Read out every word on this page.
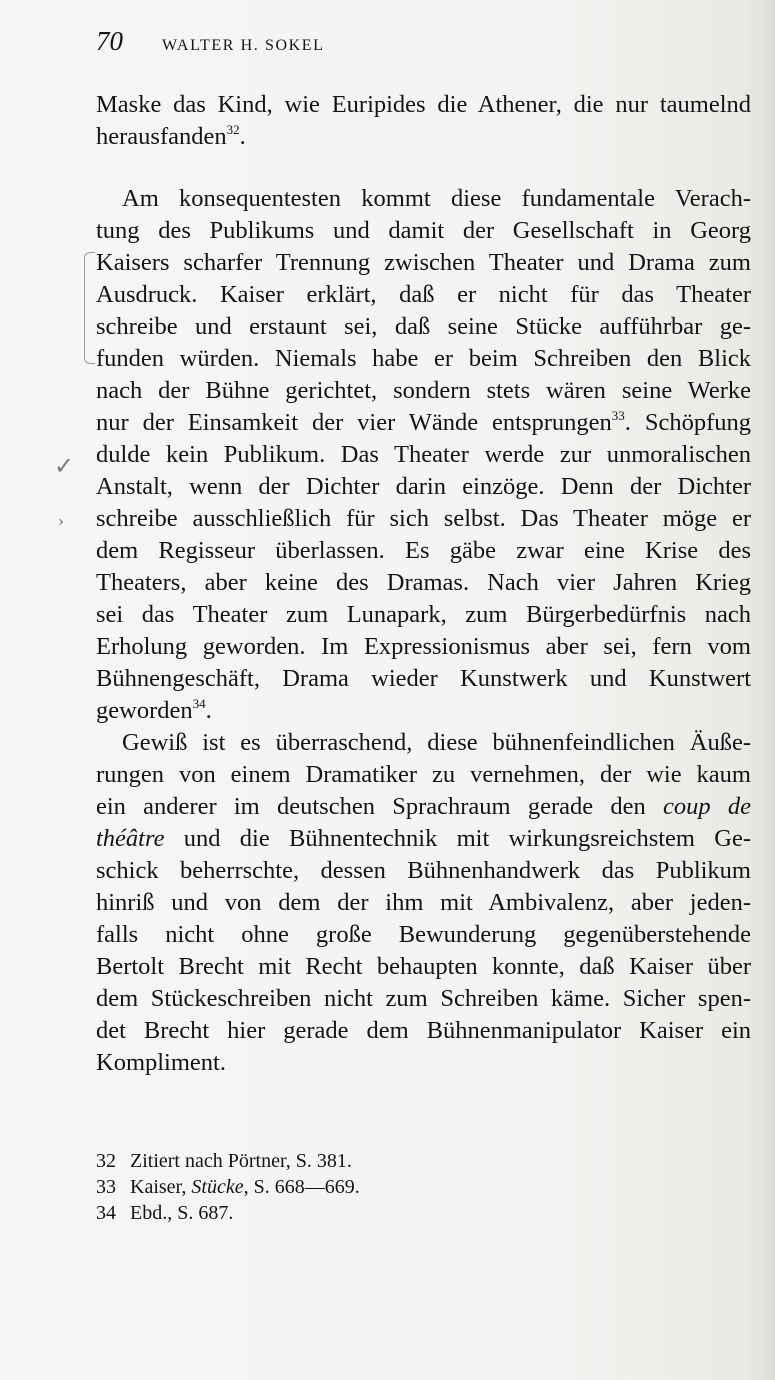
70	WALTER H. SOKEL
✓
›
Maske das Kind, wie Euripides die Athener, die nur taumelnd
herausfanden$^{32}$.
Am konsequentesten kommt diese fundamentale Verach-
tung des Publikums und damit der Gesellschaft in Georg
Kaisers scharfer Trennung zwischen Theater und Drama zum
Ausdruck. Kaiser erklärt, daß er nicht für das Theater
schreibe und erstaunt sei, daß seine Stücke aufführbar ge-
funden würden. Niemals habe er beim Schreiben den Blick
nach der Bühne gerichtet, sondern stets wären seine Werke
nur der Einsamkeit der vier Wände entsprungen$^{33}$. Schöpfung
dulde kein Publikum. Das Theater werde zur unmoralischen
Anstalt, wenn der Dichter darin einzöge. Denn der Dichter
schreibe ausschließlich für sich selbst. Das Theater möge er
dem Regisseur überlassen. Es gäbe zwar eine Krise des
Theaters, aber keine des Dramas. Nach vier Jahren Krieg
sei das Theater zum Lunapark, zum Bürgerbedürfnis nach
Erholung geworden. Im Expressionismus aber sei, fern vom
Bühnengeschäft, Drama wieder Kunstwerk und Kunstwert
geworden$^{34}$.
Gewiß ist es überraschend, diese bühnenfeindlichen Äuße-
rungen von einem Dramatiker zu vernehmen, der wie kaum
ein anderer im deutschen Sprachraum gerade den coup de
théâtre und die Bühnentechnik mit wirkungsreichstem Ge-
schick beherrschte, dessen Bühnenhandwerk das Publikum
hinriß und von dem der ihm mit Ambivalenz, aber jeden-
falls nicht ohne große Bewunderung gegenüberstehende
Bertolt Brecht mit Recht behaupten konnte, daß Kaiser über
dem Stückeschreiben nicht zum Schreiben käme. Sicher spen-
det Brecht hier gerade dem Bühnenmanipulator Kaiser ein
Kompliment.
32 Zitiert nach Pörtner, S. 381.
33 Kaiser, Stücke, S. 668—669.
34 Ebd., S. 687.
